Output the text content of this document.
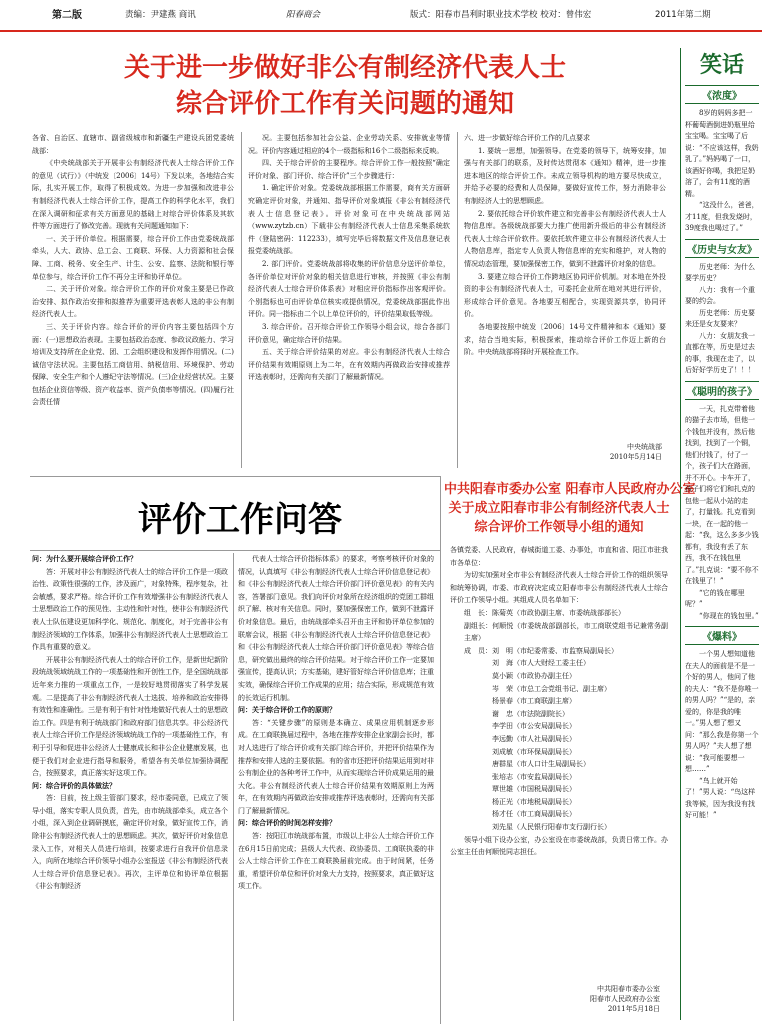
第二版	责编：尹建燕 商讯	阳春商会	版式：阳春市昌利时职业技术学校 校对：曾伟宏	2011年第二期
关于进一步做好非公有制经济代表人士
综合评价工作有关问题的通知

各省、自治区、直辖市、副省级城市和新疆生产建设兵团党委统战部：

《中央统战部关于开展非公有制经济代表人士综合评价工作的意见（试行）》（中统发〔2006〕14号）下发以来，各地结合实际，扎实开展工作，取得了积极成效。为进一步加强和改进非公有制经济代表人士综合评价工作，提高工作的科学化水平，我们在深入调研和征求有关方面意见的基础上对综合评价体系及其软件等方面进行了修改完善。现就有关问题通知如下：

一、关于评价单位。根据需要，综合评价工作由党委统战部牵头，人大、政协、总工会、工商联、环保、人力资源和社会保障、工商、税务、安全生产、计生、公安、监察、法院和银行等单位参与，综合评价工作不再分主评和协评单位。

二、关于评价对象。综合评价工作的评价对象主要是已作政治安排、拟作政治安排和拟推荐为重要评选表彰人选的非公有制经济代表人士。

三、关于评价内容。综合评价的评价内容主要包括四个方面：(一)思想政治表现。主要包括政治态度、参政议政能力、学习培训及支持所在企业党、团、工会组织建设和发挥作用情况。(二)诚信守法状况。主要包括工商信用、纳税信用、环境保护、劳动保障、安全生产和个人遵纪守法等情况。(三)企业经营状况。主要包括企业资信等级、资产收益率、资产负债率等情况。(四)履行社会责任情

况。主要包括参加社会公益、企业劳动关系、安排就业等情况。评价内容通过相应的4个一级指标和16个二级指标来反映。

四、关于综合评价的主要程序。综合评价工作一般按照“确定评价对象、部门评价、综合评价”三个步骤进行：

1. 确定评价对象。党委统战部根据工作需要，商有关方面研究确定评价对象，并通知、指导评价对象填报《非公有制经济代表人士信息登记表》。评价对象可在中央统战部网站（www.zytzb.cn）下载非公有制经济代表人士信息采集系统软件（登陆密码：112233），填写完毕后将数据文件及信息登记表报党委统战部。

2. 部门评价。党委统战部将收集的评价信息分送评价单位，各评价单位对评价对象的相关信息进行审核，并按照《非公有制经济代表人士综合评价体系表》对相应评价指标作出客观评价。个别指标也可由评价单位核实或提供情况，党委统战部据此作出评价。同一指标由二个以上单位评价的，评价结果取低等级。

3. 综合评价。召开综合评价工作领导小组会议，综合各部门评价意见，确定综合评价结果。

五、关于综合评价结果的对应。非公有制经济代表人士综合评价结果有效期原则上为二年，在有效期内再做政治安排或推荐评选表彰时，还需向有关部门了解最新情况。

六、进一步做好综合评价工作的几点要求

1. 要统一思想，加强领导。在党委的领导下，统筹安排，加强与有关部门的联系，及时传达贯彻本《通知》精神，进一步推进本地区的综合评价工作。未成立领导机构的地方要尽快成立，并给予必要的经费和人员保障，要做好宣传工作，努力消除非公有制经济人士的思想顾虑。

2. 要依托综合评价软件建立和完善非公有制经济代表人士人物信息库。各级统战部要大力推广使用新升级后的非公有制经济代表人士综合评价软件。要依托软件建立非公有制经济代表人士人物信息库，指定专人负责人物信息库的充实和维护，对人物的情况动态管理，要加强保密工作，做到不泄露评价对象的信息。

3. 要建立综合评价工作跨地区协同评价机制。对本地在外投资的非公有制经济代表人士，可委托企业所在地对其进行评价，形成综合评价意见。各地要互相配合，实现资源共享，协同评价。

各地要按照中统发〔2006〕14号文件精神和本《通知》要求，结合当地实际，积极探索，推动综合评价工作迈上新的台阶。中央统战部将择时开展检查工作。

中央统战部
2010年5月14日
评价工作问答

问：为什么要开展综合评价工作？

答：开展对非公有制经济代表人士的综合评价工作是一项政治性、政策性很强的工作，涉及面广，对象特殊，程序复杂，社会敏感，要求严格。综合评价工作有效增强非公有制经济代表人士思想政治工作的预见性、主动性和针对性，使非公有制经济代表人士队伍建设更加科学化、规范化、制度化，对于完善非公有制经济领域的工作体系，加强非公有制经济代表人士思想政治工作具有重要的意义。

开展非公有制经济代表人士的综合评价工作，是新世纪新阶段统战领域统战工作的一项基础性和开创性工作，是全国统战部近年来力推的一项重点工作，一是较好地贯彻落实了科学发展观。二是提高了非公有制经济代表人士选拔、培养和政治安排得有效性和准确性。三是有利于有针对性地做好代表人士的思想政治工作。四是有利于统战部门和政府部门信息共享。非公经济代表人士综合评价工作是经济领域统战工作的一项基础性工作，有利于引导和促进非公经济人士健康成长和非公企业健康发展，也便于我们对企业进行指导和服务，希望各有关单位加强协调配合，按照要求，真正落实好这项工作。

问：综合评价的具体做法？

答：目前，按上级主管部门要求，经市委同意，已成立了领导小组，落实专职人员负责，首先，由市统战部牵头，成立各个小组，深入到企业调研摸底，确定评价对象，做好宣传工作，消除非公有制经济代表人士的思想顾虑。其次，做好评价对象信息录入工作，对相关人员进行培训，按要求进行自我评价信息录入，向所在地综合评价领导小组办公室报送《非公有制经济代表人士综合评价信息登记表》。再次，主评单位和协评单位根据《非公有制经济

代表人士综合评价指标体系》的要求，考察考核评价对象的情况，认真填写《非公有制经济代表人士综合评价信息登记表》和《非公有制经济代表人士综合评价部门评价意见表》的有关内容，答署部门意见。我们向评价对象所在经济组织的党团工群组织了解、核对有关信息。同时，要加强保密工作，做到不泄露评价对象信息。最后，由统战部牵头召开由主评和协评单位参加的联席会议，根据《非公有制经济代表人士综合评价信息登记表》和《非公有制经济代表人士综合评价部门评价意见表》等综合信息，研究做出最终的综合评价结果。对于综合评价工作一定要加强宣传，提高认识；方实基础，建好管好综合评价信息库；注重实效，确保综合评价工作成果的应用；结合实际，形成规范有效的长效运行机制。

问：关于综合评价工作的原则？

答：“关键步骤”的原则是本确立、成果应用机制逐步形成。在工商联换届过程中，各地在推荐安排企业家副会长时，都对人选进行了综合评价或有关部门综合评价，并把评价结果作为推荐和安排人选的主要依据。有的省市还把评价结果运用到对非公有制企业的各种考评工作中，从而实现综合评价成果运用的最大化。非公有制经济代表人士综合评价结果有效期原则上为两年，在有效期内再做政治安排或推荐评选表彰时，还需向有关部门了解最新情况。

问：综合评价的时间怎样安排？

答：按阳江市统战部布置，市级以上非公人士综合评价工作在6月15日前完成；县级人大代表、政协委员、工商联执委的非公人士综合评价工作在工商联换届前完成。由于时间紧，任务重，希望评价单位和评价对象大力支持，按照要求，真正做好这项工作。

中共阳春市委办公室 阳春市人民政府办公室
关于成立阳春市非公有制经济代表人士
综合评价工作领导小组的通知

各镇党委、人民政府，春城街道工委、办事处，市直和省、阳江市驻我市各单位：

为切实加强对全市非公有制经济代表人士综合评价工作的组织领导和统筹协调，市委、市政府决定成立阳春市非公有制经济代表人士综合评价工作领导小组。其组成人员名单如下：

组　长：陈菊英（市政协副主席、市委统战部部长）

副组长：何顺悦（市委统战部副部长，市工商联党组书记兼常务副主席）

成　员： 刘　明（市纪委常委、市监察局副局长）
刘　海（市人大财经工委主任）
莫小颖（市政协办副主任）
岑　荣（市总工会党组书记、副主席）
杨景春（市工商联副主席）
谢　忠（市法院副院长）
李学田（市公安局副局长）
李远勤（市人社局副局长）
刘成敏（市环保局副局长）
唐群星（市人口计生局副局长）
张培志（市安监局副局长）
覃世雄（市国税局副局长）
杨正光（市地税局副局长）
杨才任（市工商局副局长）
刘先星（人民银行阳春市支行副行长）

领导小组下设办公室，办公室设在市委统战部，负责日常工作。办公室主任由何顺悦同志担任。

中共阳春市委办公室
阳春市人民政府办公室
2011年5月18日
笑话
《浓度》

8岁的妈妈多把一杯葡萄酒倒进奶瓶里给宝宝喝。宝宝喝了后说：“不应该这样，我奶乳了。”妈妈喝了一口，该酒好你喝，我把足奶溶了，会有11度的酒精。

“这没什么，爸爸，才11度，但我发烧时，39度我也喝过了。”

《历史与女友》

历史老师：为什么要学历史？

八力：我有一个重要的约会。

历史老师：历史要来还是女友要来？

八力：女朋友我一直都在等，历史是过去的事，我现在走了，以后好好学历史了！！！

《聪明的孩子》

一天，扎克带着他的猫子去市场，但他一个钱包并没有，然后他找到，找到了一个铜，他们付钱了，付了一个，孩子们大在路面，并不开心。卡车开了，孩子们将它们和扎克的包他一起从小站的走了，打量钱。扎克看到一块，在一起的他一起：“我，这么多多少钱都有，我没有丢了东西，我不在钱包里了。”扎克说：“要不你不在钱里了！”

“它的钱在哪里呢？”

“你现在的钱包里。”

《爆料》

一个男人想知道他在夫人的面前是不是一个好的男人，他问了他的夫人：“我不是你唯一的男人吗？”“是的，亲爱的，你是我的唯一。”男人想了想又问：“那么我是你第一个男人吗？”夫人想了想说：“我可能要想一想……”

“鸟上就开始了！”男人说：“鸟这样我等候，因为我没有找好可能！”
